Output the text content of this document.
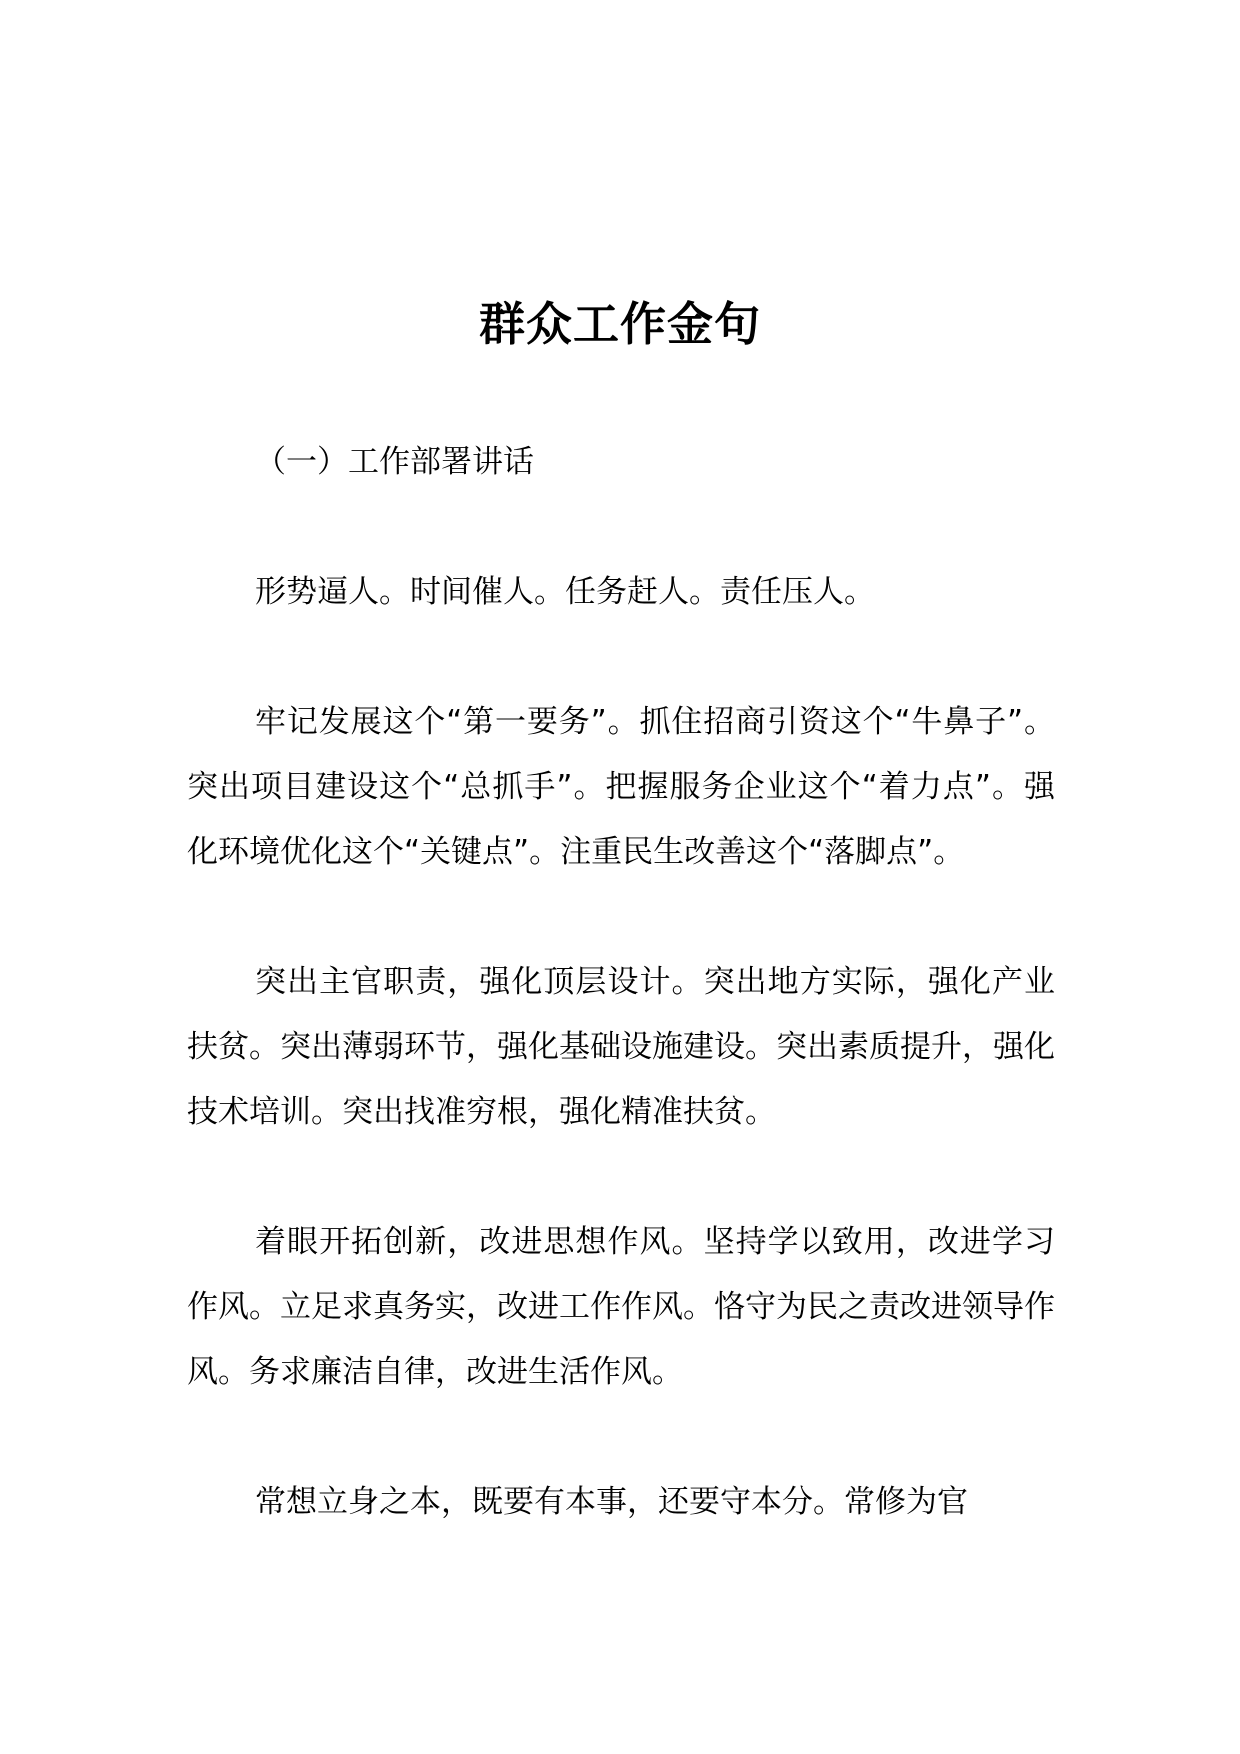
群众工作金句

（一）工作部署讲话

形势逼人。时间催人。任务赶人。责任压人。

牢记发展这个“第一要务”。抓住招商引资这个“牛鼻子”。突出项目建设这个“总抓手”。把握服务企业这个“着力点”。强化环境优化这个“关键点”。注重民生改善这个“落脚点”。

突出主官职责，强化顶层设计。突出地方实际，强化产业扶贫。突出薄弱环节，强化基础设施建设。突出素质提升，强化技术培训。突出找准穷根，强化精准扶贫。

着眼开拓创新，改进思想作风。坚持学以致用，改进学习作风。立足求真务实，改进工作作风。恪守为民之责改进领导作风。务求廉洁自律，改进生活作风。

常想立身之本，既要有本事，还要守本分。常修为官
